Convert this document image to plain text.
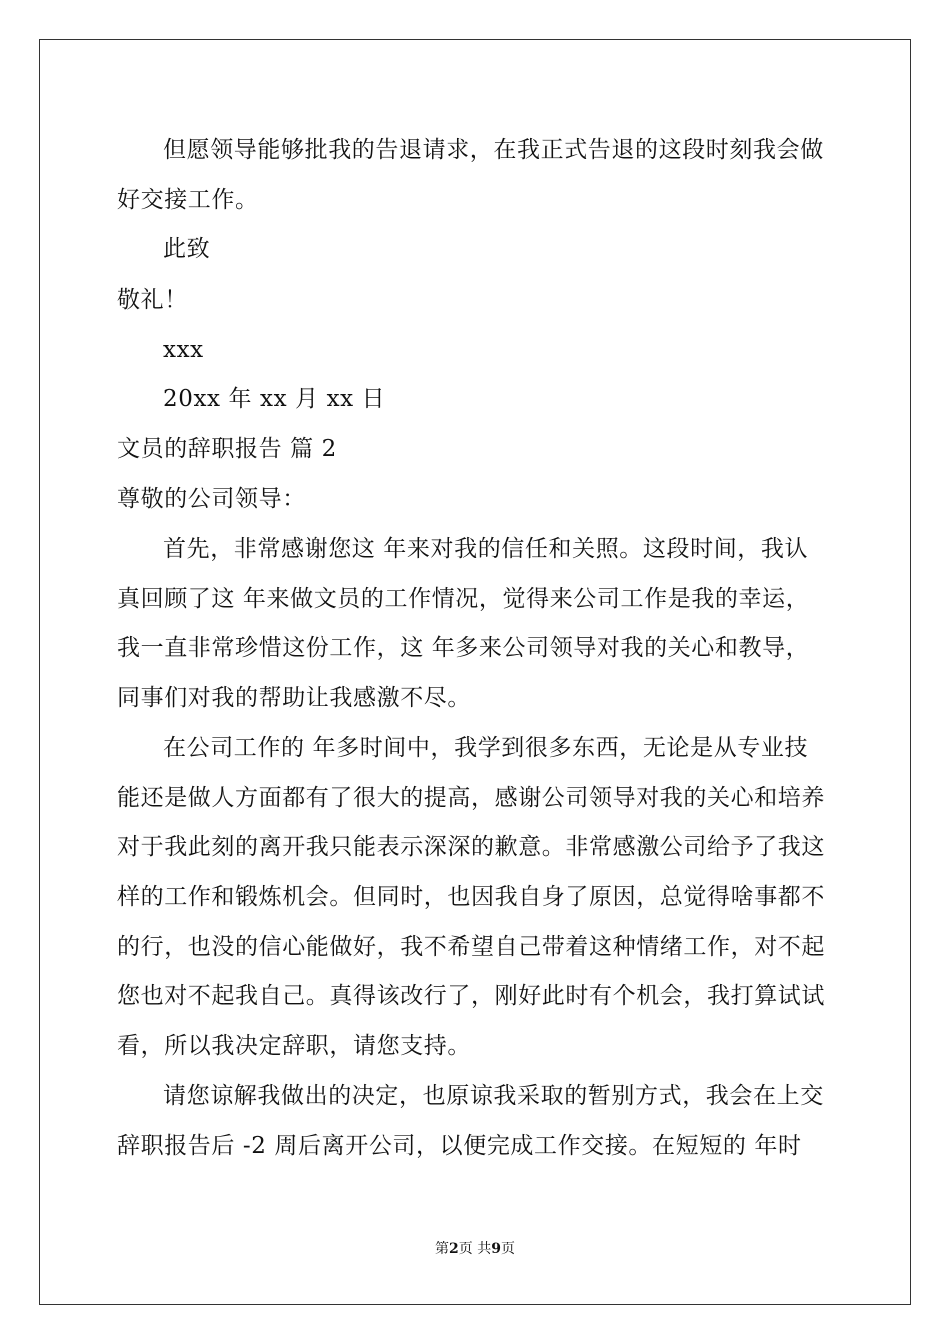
但愿领导能够批我的告退请求，在我正式告退的这段时刻我会做
好交接工作。
此致
敬礼！
xxx
20xx 年 xx 月 xx 日
文员的辞职报告 篇 2
尊敬的公司领导：
首先，非常感谢您这 年来对我的信任和关照。这段时间，我认
真回顾了这 年来做文员的工作情况，觉得来公司工作是我的幸运，
我一直非常珍惜这份工作，这 年多来公司领导对我的关心和教导，
同事们对我的帮助让我感激不尽。
在公司工作的 年多时间中，我学到很多东西，无论是从专业技
能还是做人方面都有了很大的提高，感谢公司领导对我的关心和培养
对于我此刻的离开我只能表示深深的歉意。非常感激公司给予了我这
样的工作和锻炼机会。但同时，也因我自身了原因，总觉得啥事都不
的行，也没的信心能做好，我不希望自己带着这种情绪工作，对不起
您也对不起我自己。真得该改行了，刚好此时有个机会，我打算试试
看，所以我决定辞职，请您支持。
请您谅解我做出的决定，也原谅我采取的暂别方式，我会在上交
辞职报告后 -2 周后离开公司，以便完成工作交接。在短短的 年时
第2页 共9页
